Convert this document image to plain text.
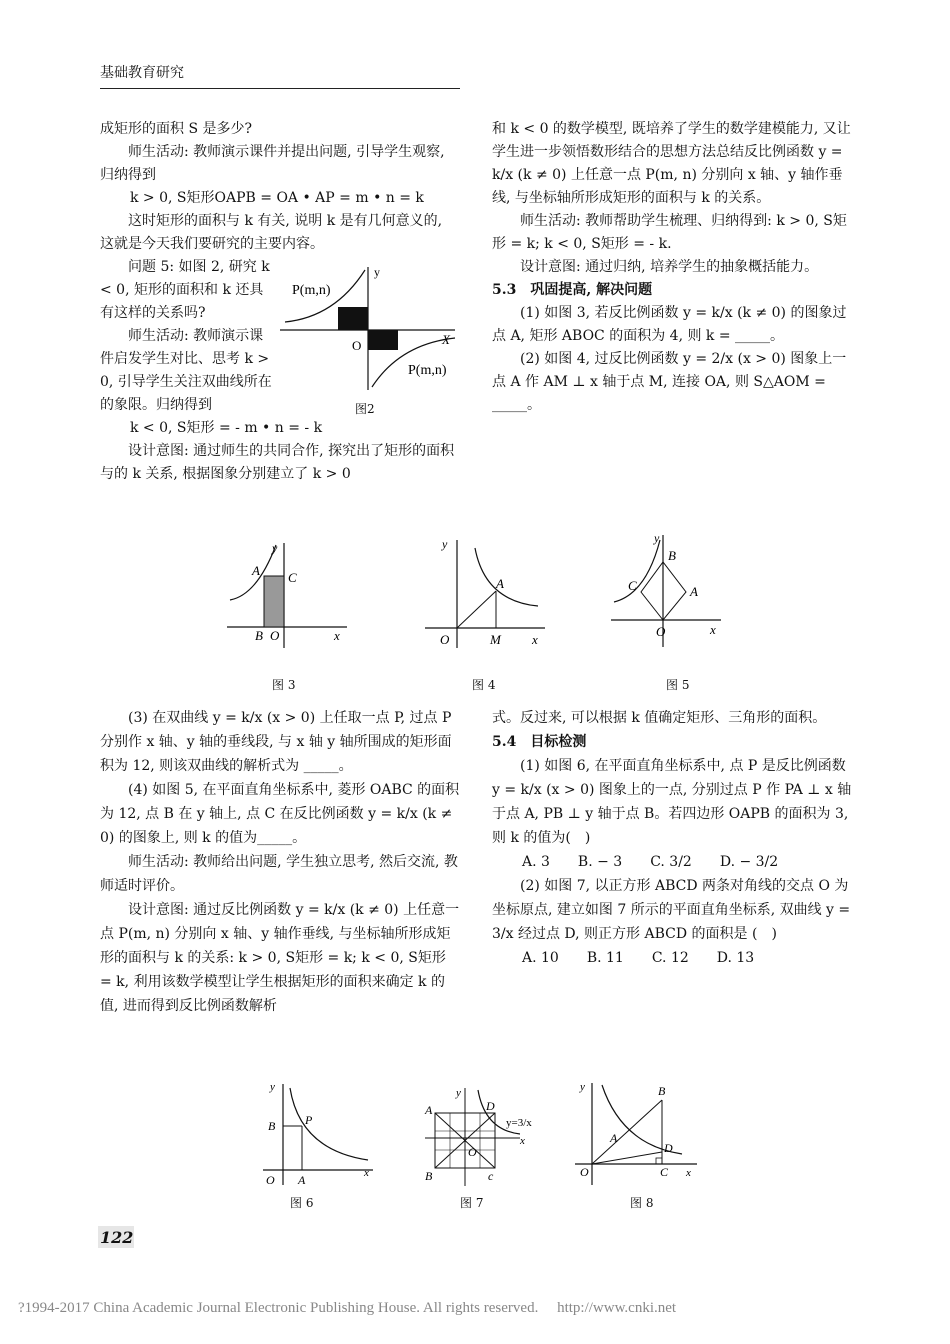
基础教育研究

成矩形的面积 S 是多少?

师生活动: 教师演示课件并提出问题, 引导学生观察, 归纳得到

k > 0, S矩形OAPB = OA • AP = m • n = k

这时矩形的面积与 k 有关, 说明 k 是有几何意义的, 这就是今天我们要研究的主要内容。

问题 5: 如图 2, 研究 k < 0, 矩形的面积和 k 还具有这样的关系吗?

师生活动: 教师演示课件启发学生对比、思考 k > 0, 引导学生关注双曲线所在的象限。归纳得到

k < 0, S矩形 = - m • n = - k

设计意图: 通过师生的共同合作, 探究出了矩形的面积与的 k 关系, 根据图象分别建立了 k > 0

y
P(m,n)
O	X
P(m,n)
图2

和 k < 0 的数学模型, 既培养了学生的数学建模能力, 又让学生进一步领悟数形结合的思想方法总结反比例函数 y = k/x (k ≠ 0) 上任意一点 P(m, n) 分别向 x 轴、y 轴作垂线, 与坐标轴所形成矩形的面积与 k 的关系。

师生活动: 教师帮助学生梳理、归纳得到: k > 0, S矩形 = k; k < 0, S矩形 = - k.

设计意图: 通过归纳, 培养学生的抽象概括能力。

5.3　巩固提高, 解决问题

(1) 如图 3, 若反比例函数 y = k/x (k ≠ 0) 的图象过点 A, 矩形 ABOC 的面积为 4, 则 k = _____。

(2) 如图 4, 过反比例函数 y = 2/x (x > 0) 图象上一点 A 作 AM ⊥ x 轴于点 M, 连接 OA, 则 S△AOM = _____。

y
A C
B O	x
图 3
y
A
O	M x
图 4
y
B
C	A
O	x
图 5

(3) 在双曲线 y = k/x (x > 0) 上任取一点 P, 过点 P 分别作 x 轴、y 轴的垂线段, 与 x 轴 y 轴所围成的矩形面积为 12, 则该双曲线的解析式为 _____。

(4) 如图 5, 在平面直角坐标系中, 菱形 OABC 的面积为 12, 点 B 在 y 轴上, 点 C 在反比例函数 y = k/x (k ≠ 0) 的图象上, 则 k 的值为_____。

师生活动: 教师给出问题, 学生独立思考, 然后交流, 教师适时评价。

设计意图: 通过反比例函数 y = k/x (k ≠ 0) 上任意一点 P(m, n) 分别向 x 轴、y 轴作垂线, 与坐标轴所形成矩形的面积与 k 的关系: k > 0, S矩形 = k; k < 0, S矩形 = k, 利用该数学模型让学生根据矩形的面积来确定 k 的值, 进而得到反比例函数解析

式。反过来, 可以根据 k 值确定矩形、三角形的面积。

5.4　目标检测

(1) 如图 6, 在平面直角坐标系中, 点 P 是反比例函数 y = k/x (x > 0) 图象上的一点, 分别过点 P 作 PA ⊥ x 轴于点 A, PB ⊥ y 轴于点 B。若四边形 OAPB 的面积为 3, 则 k 的值为(　)

A. 3　　B. − 3　　C. 3/2　　D. − 3/2

(2) 如图 7, 以正方形 ABCD 两条对角线的交点 O 为坐标原点, 建立如图 7 所示的平面直角坐标系, 双曲线 y = 3/x 经过点 D, 则正方形 ABCD 的面积是 (　)

A. 10　　B. 11　　C. 12　　D. 13

y
B P
O A	x
图 6
y
A	D
y=3/x
O
B	c
x
图 7
y	B
A
D
O	C x
图 8
122
?1994-2017 China Academic Journal Electronic Publishing House. All rights reserved.　 http://www.cnki.net
